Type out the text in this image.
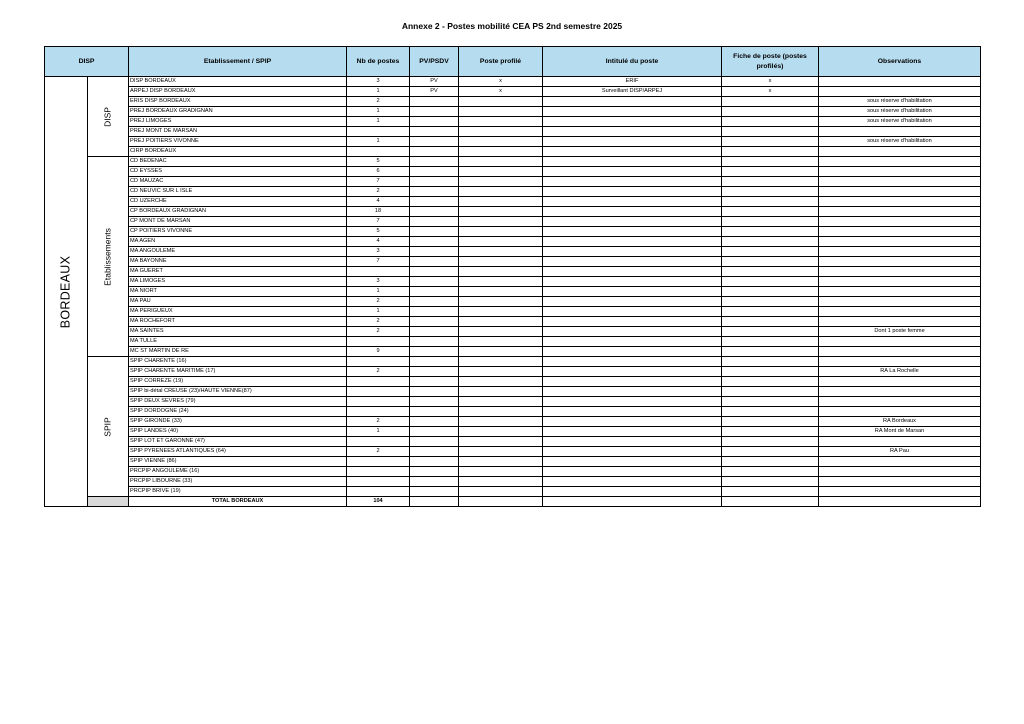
Annexe 2 - Postes mobilité CEA PS 2nd semestre 2025
DISP		Etablissement / SPIP	Nb de postes	PV/PSDV	Poste profilé	Intitulé du poste	Fiche de poste (postes profilés)	Observations

BORDEAUX	DISP	DISP BORDEAUX	3	PV	x	ERIF	x	
		ARPEJ DISP BORDEAUX	1	PV	x	Surveillant DISP/ARPEJ	x	
		ERIS DISP BORDEAUX	2					sous réserve d'habilitation
		PREJ BORDEAUX GRADIGNAN	1					sous réserve d'habilitation
		PREJ LIMOGES	1					sous réserve d'habilitation
		PREJ MONT DE MARSAN						
		PREJ POITIERS VIVONNE	1					sous réserve d'habilitation
		CIRP BORDEAUX						

	Etablissements	CD BEDENAC	5					
		CD EYSSES	6					
		CD MAUZAC	7					
		CD NEUVIC SUR L ISLE	2					
		CD UZERCHE	4					
		CP BORDEAUX GRADIGNAN	18					
		CP MONT DE MARSAN	7					
		CP POITIERS VIVONNE	5					
		MA AGEN	4					
		MA ANGOULEME	3					
		MA BAYONNE	7					
		MA GUERET						
		MA LIMOGES	3					
		MA NIORT	1					
		MA PAU	2					
		MA PERIGUEUX	1					
		MA ROCHEFORT	2					
		MA SAINTES	2					Dont 1 poste femme
		MA TULLE						
		MC ST MARTIN DE RE	9					

	SPIP	SPIP CHARENTE (16)						
		SPIP CHARENTE MARITIME (17)	2					RA La Rochelle
		SPIP CORREZE (19)						
		SPIP bi-détal CREUSE (23)/HAUTE VIENNE(87)						
		SPIP DEUX SEVRES (79)						
		SPIP DORDOGNE (24)						
		SPIP GIRONDE (33)	2					RA Bordeaux
		SPIP LANDES (40)	1					RA Mont de Marsan
		SPIP LOT ET GARONNE (47)						
		SPIP PYRENEES ATLANTIQUES (64)	2					RA Pau
		SPIP VIENNE (86)						
		PRCPIP ANGOULEME (16)						
		PRCPIP LIBOURNE (33)						
		PRCPIP BRIVE (19)						
		TOTAL BORDEAUX	104					
